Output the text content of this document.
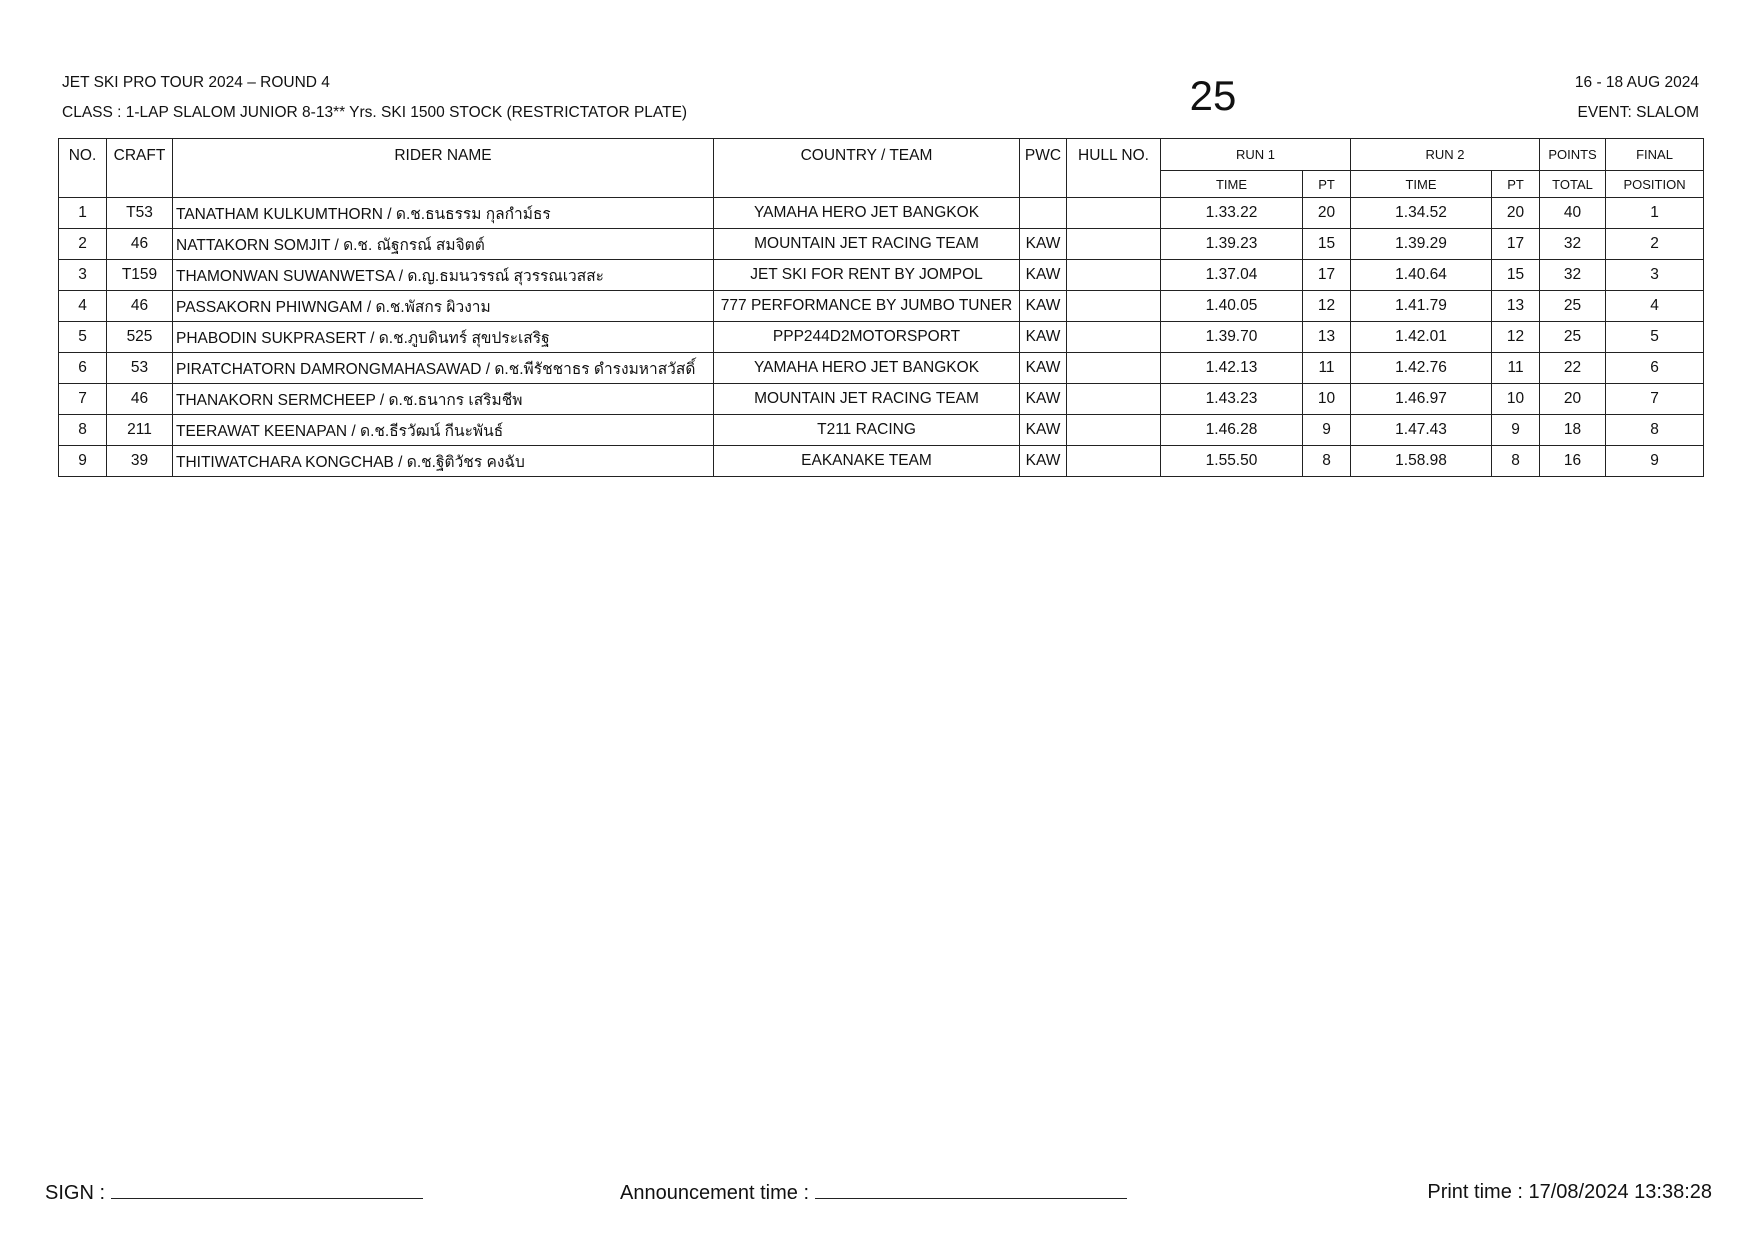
JET SKI PRO TOUR 2024 – ROUND 4
CLASS : 1-LAP SLALOM JUNIOR 8-13** Yrs. SKI 1500 STOCK (RESTRICTATOR PLATE)	25	16 - 18 AUG 2024
EVENT: SLALOM
NO.	CRAFT	RIDER NAME	COUNTRY / TEAM	PWC	HULL NO.	RUN 1		RUN 2		POINTS	FINAL
						TIME	PT	TIME	PT	TOTAL	POSITION
1	T53	TANATHAM KULKUMTHORN / ด.ช.ธนธรรม กุลกำม์ธร	YAMAHA HERO JET BANGKOK			1.33.22	20	1.34.52	20	40	1
2	46	NATTAKORN SOMJIT / ด.ช. ณัฐกรณ์ สมจิตต์	MOUNTAIN JET RACING TEAM	KAW		1.39.23	15	1.39.29	17	32	2
3	T159	THAMONWAN SUWANWETSA / ด.ญ.ธมนวรรณ์ สุวรรณเวสสะ	JET SKI FOR RENT BY JOMPOL	KAW		1.37.04	17	1.40.64	15	32	3
4	46	PASSAKORN PHIWNGAM / ด.ช.พัสกร ผิวงาม	777 PERFORMANCE BY JUMBO TUNER	KAW		1.40.05	12	1.41.79	13	25	4
5	525	PHABODIN SUKPRASERT / ด.ช.ภูบดินทร์ สุขประเสริฐ	PPP244D2MOTORSPORT	KAW		1.39.70	13	1.42.01	12	25	5
6	53	PIRATCHATORN DAMRONGMAHASAWAD / ด.ช.พีรัชชาธร ดำรงมหาสวัสดิ์	YAMAHA HERO JET BANGKOK	KAW		1.42.13	11	1.42.76	11	22	6
7	46	THANAKORN SERMCHEEP / ด.ช.ธนากร เสริมชีพ	MOUNTAIN JET RACING TEAM	KAW		1.43.23	10	1.46.97	10	20	7
8	211	TEERAWAT KEENAPAN / ด.ช.ธีรวัฒน์ กีนะพันธ์	T211 RACING	KAW		1.46.28	9	1.47.43	9	18	8
9	39	THITIWATCHARA KONGCHAB / ด.ช.ฐิติวัชร คงฉับ	EAKANAKE TEAM	KAW		1.55.50	8	1.58.98	8	16	9
SIGN :	Announcement time :	Print time : 17/08/2024 13:38:28
